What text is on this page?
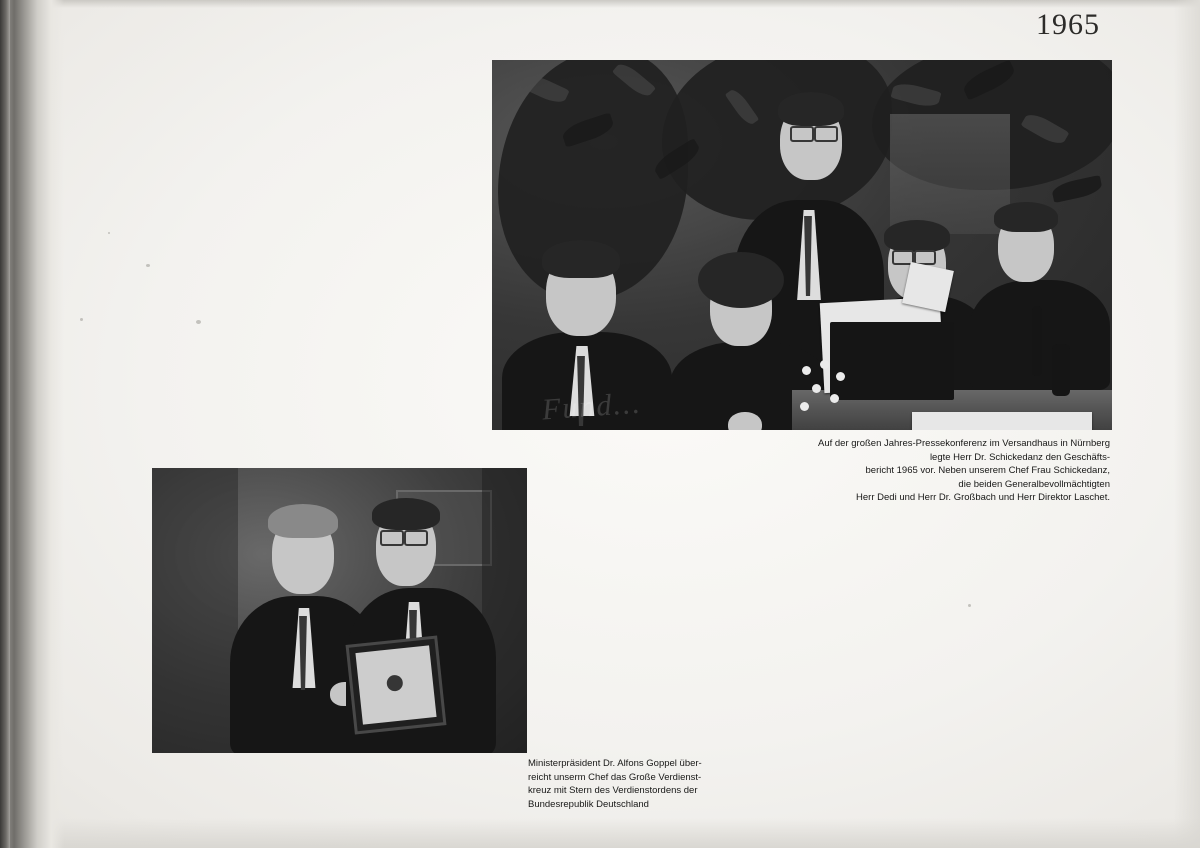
1965
Auf der großen Jahres-Pressekonferenz im Versandhaus in Nürnberg
legte Herr Dr. Schickedanz den Geschäfts-
bericht 1965 vor. Neben unserem Chef Frau Schickedanz,
die beiden Generalbevollmächtigten
Herr Dedi und Herr Dr. Großbach und Herr Direktor Laschet.
Ministerpräsident Dr. Alfons Goppel über-
reicht unserm Chef das Große Verdienst-
kreuz mit Stern des Verdienstordens der
Bundesrepublik Deutschland
